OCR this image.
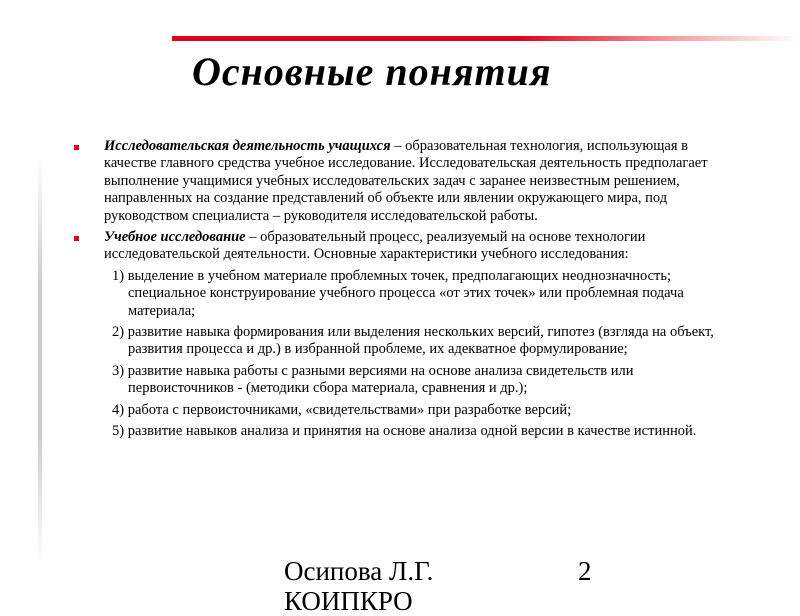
Основные понятия
Исследовательская деятельность учащихся – образовательная технология, использующая в качестве главного средства учебное исследование. Исследовательская деятельность предполагает выполнение учащимися учебных исследовательских задач с заранее неизвестным решением, направленных на создание представлений об объекте или явлении окружающего мира, под руководством специалиста – руководителя исследовательской работы.
Учебное исследование – образовательный процесс, реализуемый на основе технологии исследовательской деятельности. Основные характеристики учебного исследования:
1) выделение в учебном материале проблемных точек, предполагающих неоднозначность; специальное конструирование учебного процесса «от этих точек» или проблемная подача материала;
2) развитие навыка формирования или выделения нескольких версий, гипотез (взгляда на объект, развития процесса и др.) в избранной проблеме, их адекватное формулирование;
3) развитие навыка работы с разными версиями на основе анализа свидетельств или первоисточников - (методики сбора материала, сравнения и др.);
4) работа с первоисточниками, «свидетельствами» при разработке версий;
5) развитие навыков анализа и принятия на основе анализа одной версии в качестве истинной.
Осипова Л.Г.
КОИПКРО
2
